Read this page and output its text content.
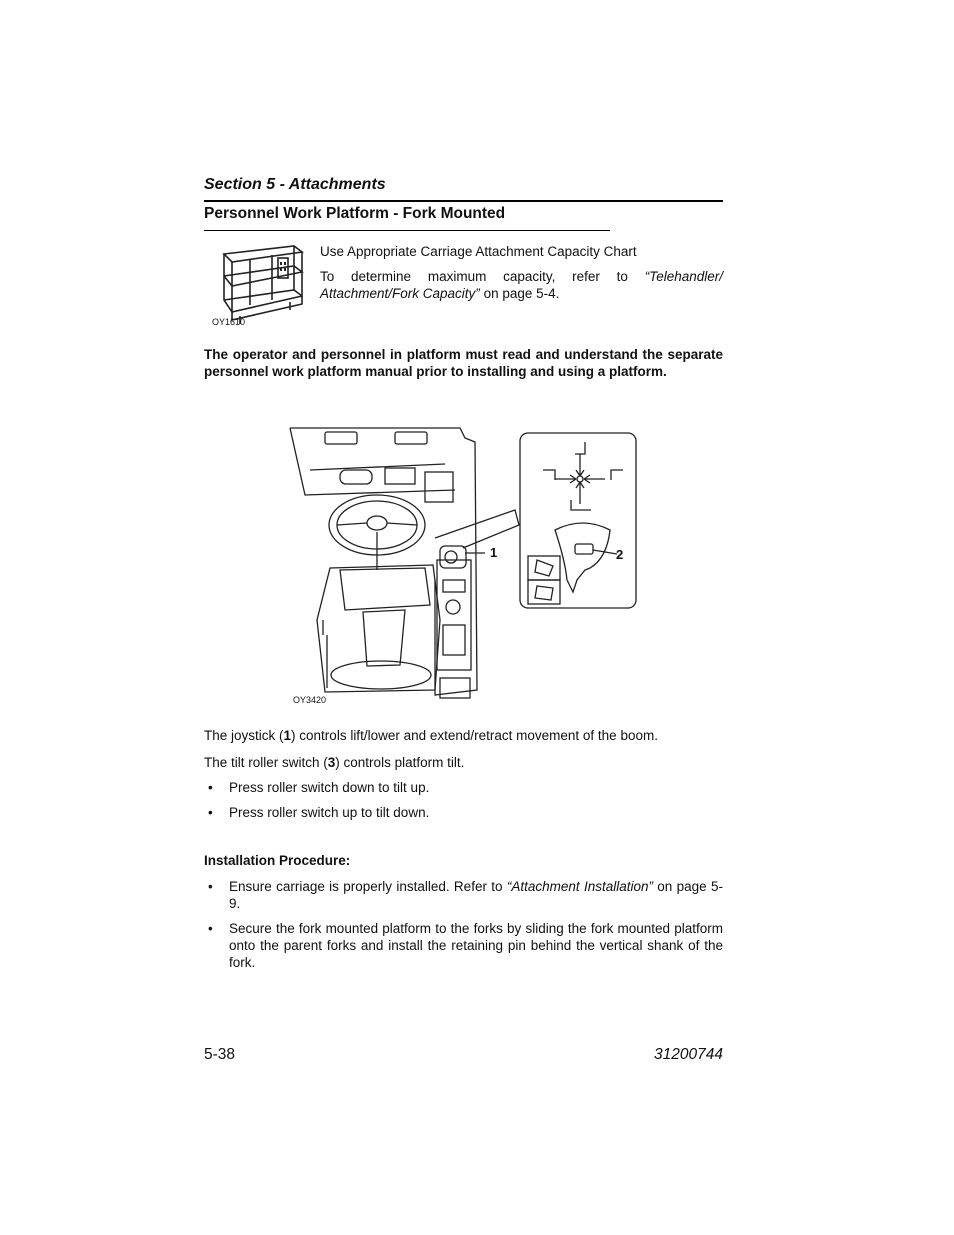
Section 5 - Attachments
Personnel Work Platform - Fork Mounted
OY1610
Use Appropriate Carriage Attachment Capacity Chart
To determine maximum capacity, refer to “Telehandler/ Attachment/Fork Capacity” on page 5-4.
The operator and personnel in platform must read and understand the separate personnel work platform manual prior to installing and using a platform.
1	2
OY3420
The joystick (1) controls lift/lower and extend/retract movement of the boom.
The tilt roller switch (3) controls platform tilt.
• Press roller switch down to tilt up.
• Press roller switch up to tilt down.
Installation Procedure:
• Ensure carriage is properly installed. Refer to “Attachment Installation” on page 5-9.
• Secure the fork mounted platform to the forks by sliding the fork mounted platform onto the parent forks and install the retaining pin behind the vertical shank of the fork.
5-38	31200744
